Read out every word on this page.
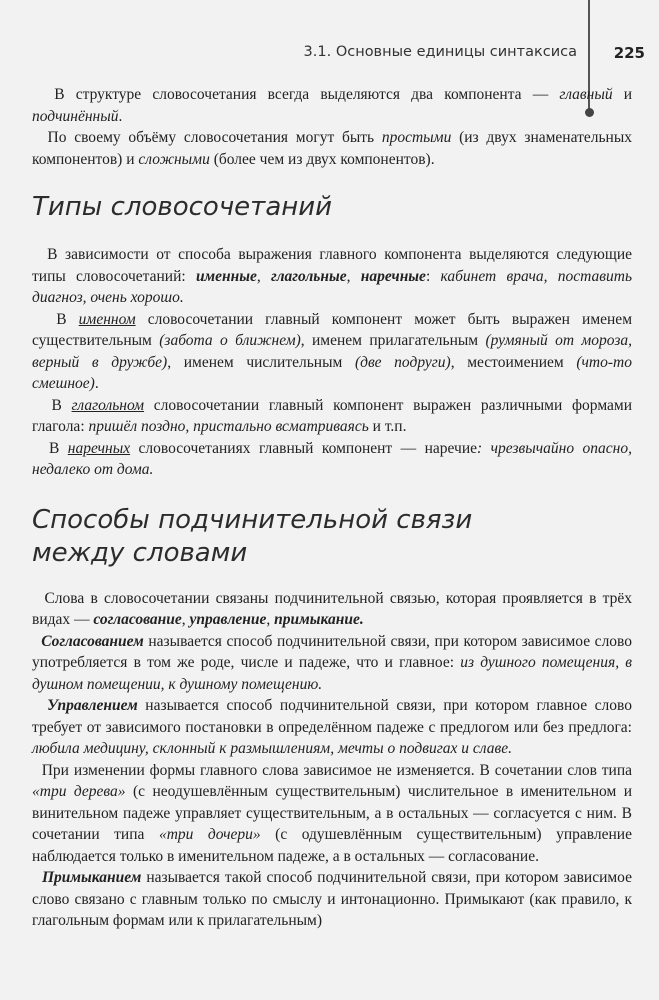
3.1. Основные единицы синтаксиса 225

В структуре словосочетания всегда выделяются два компонента — главный и подчинённый.

По своему объёму словосочетания могут быть простыми (из двух знаменательных компонентов) и сложными (более чем из двух компонентов).

Типы словосочетаний

В зависимости от способа выражения главного компонента выделяются следующие типы словосочетаний: именные, глагольные, наречные: кабинет врача, поставить диагноз, очень хорошо.

В именном словосочетании главный компонент может быть выражен именем существительным (забота о ближнем), именем прилагательным (румяный от мороза, верный в дружбе), именем числительным (две подруги), местоимением (что-то смешное).

В глагольном словосочетании главный компонент выражен различными формами глагола: пришёл поздно, пристально всматриваясь и т.п.

В наречных словосочетаниях главный компонент — наречие: чрезвычайно опасно, недалеко от дома.

Способы подчинительной связи
между словами

Слова в словосочетании связаны подчинительной связью, которая проявляется в трёх видах — согласование, управление, примыкание.

Согласованием называется способ подчинительной связи, при котором зависимое слово употребляется в том же роде, числе и падеже, что и главное: из душного помещения, в душном помещении, к душному помещению.

Управлением называется способ подчинительной связи, при котором главное слово требует от зависимого постановки в определённом падеже с предлогом или без предлога: любила медицину, склонный к размышлениям, мечты о подвигах и славе.

При изменении формы главного слова зависимое не изменяется. В сочетании слов типа «три дерева» (с неодушевлённым существительным) числительное в именительном и винительном падеже управляет существительным, а в остальных — согласуется с ним. В сочетании типа «три дочери» (с одушевлённым существительным) управление наблюдается только в именительном падеже, а в остальных — согласование.

Примыканием называется такой способ подчинительной связи, при котором зависимое слово связано с главным только по смыслу и интонационно. Примыкают (как правило, к глагольным формам или к прилагательным)
